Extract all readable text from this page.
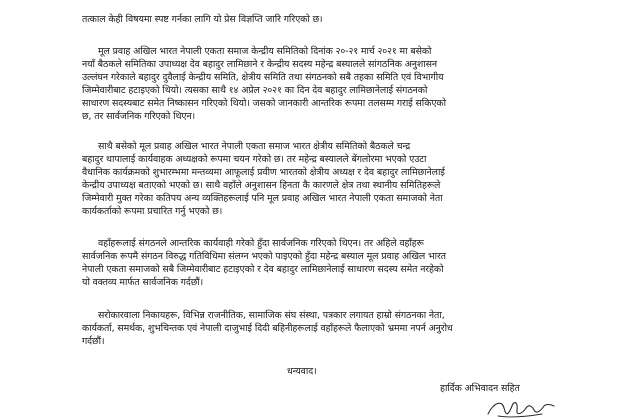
तत्काल केही विषयमा स्पष्ट गर्नका लागि यो प्रेस विज्ञप्ति जारि गरिएको छ।
मूल प्रवाह अखिल भारत नेपाली एकता समाज केन्द्रीय समितिको दिनांक २०-२१ मार्च २०२१ मा बसेको
नयाँ बैठकले समितिका उपाध्यक्ष देव बहादुर लामिछाने र केन्द्रीय सदस्य महेन्द्र बस्यालले सांगठनिक अनुशासन
उल्लंघन गरेकाले बहादुर दुवैलाई केन्द्रीय समिति, क्षेत्रीय समिति तथा संगठनको सबै तहका समिति एवं विभागीय
जिम्मेवारीबाट हटाइएको थियो। त्यसका साथै १४ अप्रेल २०२१ का दिन देव बहादुर लामिछानेलाई संगठनको
साधारण सदस्यबाट समेत निष्कासन गरिएको थियो। जसको जानकारी आन्तरिक रूपमा तलसम्म गराई सकिएको
छ, तर सार्वजनिक गरिएको थिएन।
साथै बसेको मूल प्रवाह अखिल भारत नेपाली एकता समाज भारत क्षेत्रीय समितिको बैठकले चन्द्र
बहादुर थापालाई कार्यवाहक अध्यक्षको रूपमा चयन गरेको छ। तर महेन्द्र बस्यालले बेंगलोरमा भएको एउटा
वैधानिक कार्यक्रमको शुभारम्भमा मन्तव्यमा आफूलाई प्रवीण भारतको क्षेत्रीय अध्यक्ष र देव बहादुर लामिछानेलाई
केन्द्रीय उपाध्यक्ष बताएको भएको छ। साथै वहाँले अनुशासन हिनता कै कारणले क्षेत्र तथा स्थानीय समितिहरूले
जिम्मेवारी मुक्त गरेका कतिपय अन्य व्यक्तिहरूलाई पनि मूल प्रवाह अखिल भारत नेपाली एकता समाजको नेता
कार्यकर्ताको रूपमा प्रचारित गर्नु भएको छ।
वहाँहरूलाई संगठनले आन्तरिक कार्यवाही गरेको हुँदा सार्वजनिक गरिएको थिएन। तर अहिले वहाँहरू
सार्वजनिक रूपमै संगठन विरुद्ध गतिविधिमा संलग्न भएको पाइएको हुँदा महेन्द्र बस्याल मूल प्रवाह अखिल भारत
नेपाली एकता समाजको सबै जिम्मेवारीबाट हटाइएको र देव बहादुर लामिछानेलाई साधारण सदस्य समेत नरहेको
यो वक्तव्य मार्फत सार्वजनिक गर्दछौं।
सरोकारवाला निकायहरू, विभिन्न राजनीतिक, सामाजिक संघ संस्था, पत्रकार लगायत हाम्रो संगठनका नेता,
कार्यकर्ता, समर्थक, शुभचिन्तक एवं नेपाली दाजुभाई दिदी बहिनीहरूलाई वहाँहरूले फैलाएको भ्रममा नपर्न अनुरोध
गर्दछौं।
धन्यवाद।
हार्दिक अभिवादन सहित
